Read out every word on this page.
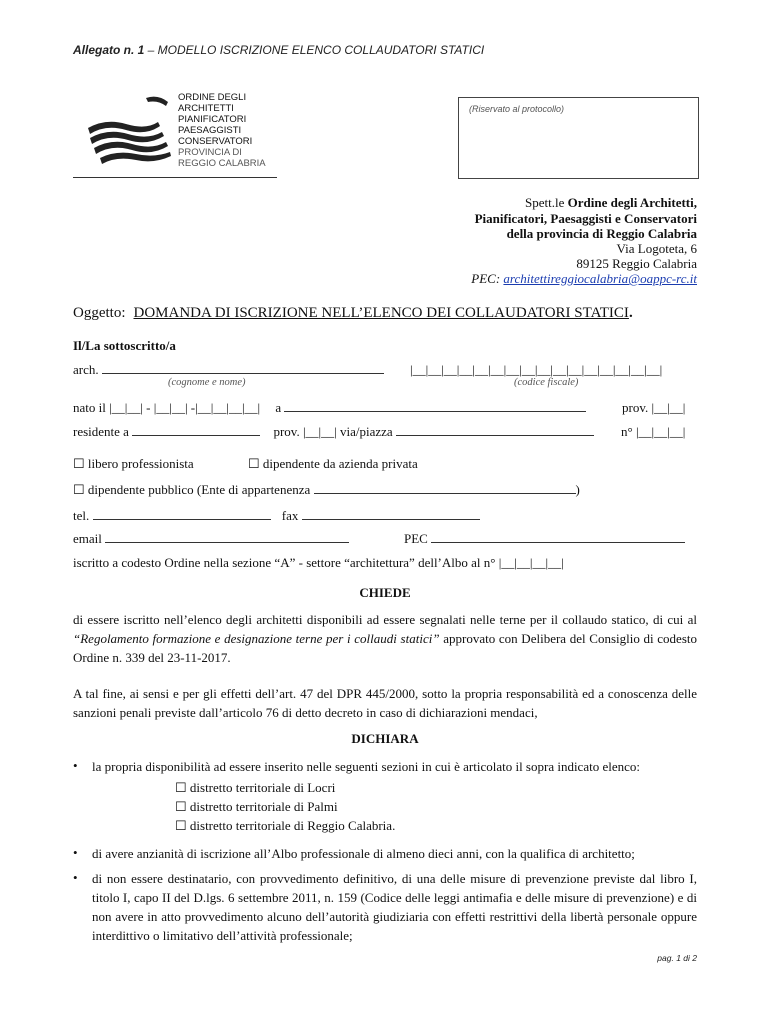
Allegato n. 1 – MODELLO ISCRIZIONE ELENCO COLLAUDATORI STATICI
ORDINE DEGLI
ARCHITETTI
PIANIFICATORI
PAESAGGISTI
CONSERVATORI
PROVINCIA DI
REGGIO CALABRIA
(Riservato al protocollo)
Spett.le Ordine degli Architetti,
Pianificatori, Paesaggisti e Conservatori
della provincia di Reggio Calabria
Via Logoteta, 6
89125 Reggio Calabria
PEC: architettireggiocalabria@oappc-rc.it
Oggetto: DOMANDA DI ISCRIZIONE NELL’ELENCO DEI COLLAUDATORI STATICI.
Il/La sottoscritto/a
arch.	|__|__|__|__|__|__|__|__|__|__|__|__|__|__|__|__|
(cognome e nome)	(codice fiscale)
nato il |__|__| - |__|__| -|__|__|__|__| a	prov. |__|__|
residente a	prov. |__|__| via/piazza	n° |__|__|__|
☐ libero professionista	☐ dipendente da azienda privata
☐ dipendente pubblico (Ente di appartenenza	)
tel.	fax
email	PEC
iscritto a codesto Ordine nella sezione “A” - settore “architettura” dell’Albo al n° |__|__|__|__|
CHIEDE
di essere iscritto nell’elenco degli architetti disponibili ad essere segnalati nelle terne per il collaudo statico, di cui al “Regolamento formazione e designazione terne per i collaudi statici” approvato con Delibera del Consiglio di codesto Ordine n. 339 del 23-11-2017.
A tal fine, ai sensi e per gli effetti dell’art. 47 del DPR 445/2000, sotto la propria responsabilità ed a conoscenza delle sanzioni penali previste dall’articolo 76 di detto decreto in caso di dichiarazioni mendaci,
DICHIARA
• la propria disponibilità ad essere inserito nelle seguenti sezioni in cui è articolato il sopra indicato elenco:
☐ distretto territoriale di Locri
☐ distretto territoriale di Palmi
☐ distretto territoriale di Reggio Calabria.
• di avere anzianità di iscrizione all’Albo professionale di almeno dieci anni, con la qualifica di architetto;
• di non essere destinatario, con provvedimento definitivo, di una delle misure di prevenzione previste dal libro I, titolo I, capo II del D.lgs. 6 settembre 2011, n. 159 (Codice delle leggi antimafia e delle misure di prevenzione) e di non avere in atto provvedimento alcuno dell’autorità giudiziaria con effetti restrittivi della libertà personale oppure interdittivo o limitativo dell’attività professionale;
pag. 1 di 2
